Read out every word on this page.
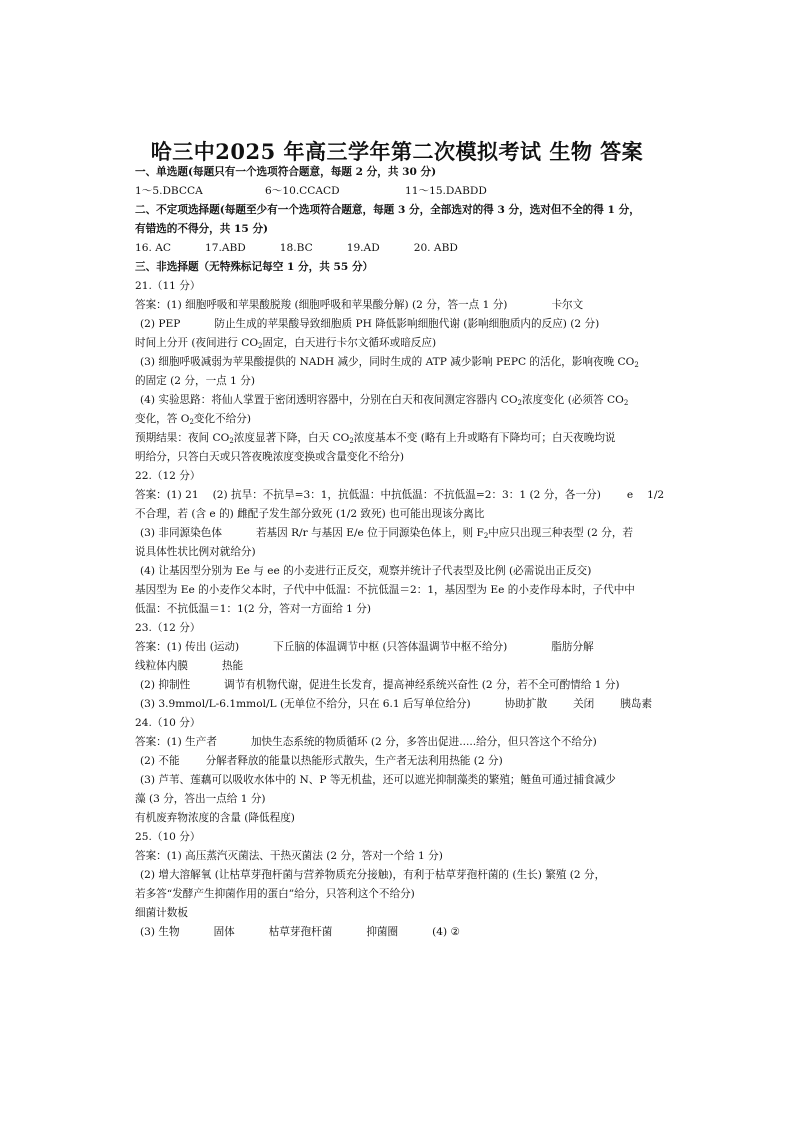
哈三中2025 年高三学年第二次模拟考试 生物 答案
一、单选题(每题只有一个选项符合题意，每题 2 分，共 30 分)
1～5.DBCCA	6～10.CCACD	11～15.DABDD
二、不定项选择题(每题至少有一个选项符合题意，每题 3 分，全部选对的得 3 分，选对但不全的得 1 分，
有错选的不得分，共 15 分)
16. AC	17.ABD	18.BC	19.AD	20. ABD
三、非选择题（无特殊标记每空 1 分，共 55 分）
21.（11 分）
答案：(1) 细胞呼吸和苹果酸脱羧 (细胞呼吸和苹果酸分解) (2 分，答一点 1 分)	卡尔文
(2) PEP	防止生成的苹果酸导致细胞质 PH 降低影响细胞代谢 (影响细胞质内的反应) (2 分)
时间上分开 (夜间进行 $CO_2$固定，白天进行卡尔文循环或暗反应)
(3) 细胞呼吸减弱为苹果酸提供的 NADH 减少，同时生成的 ATP 减少影响 PEPC 的活化，影响夜晚 $CO_2$
的固定 (2 分，一点 1 分)
(4) 实验思路：将仙人掌置于密闭透明容器中，分别在白天和夜间测定容器内 $CO_2$浓度变化 (必须答 $CO_2$
变化，答 $O_2$变化不给分)
预期结果：夜间 $CO_2$浓度显著下降，白天 $CO_2$浓度基本不变 (略有上升或略有下降均可；白天夜晚均说
明给分，只答白天或只答夜晚浓度变换或含量变化不给分)
22.（12 分）
答案：(1) 21 (2) 抗旱：不抗旱=3：1，抗低温：中抗低温：不抗低温=2：3：1 (2 分，各一分) e 1/2
不合理，若 (含 e 的) 雌配子发生部分致死 (1/2 致死) 也可能出现该分离比
(3) 非同源染色体	若基因 R/r 与基因 E/e 位于同源染色体上，则 $F_2$中应只出现三种表型 (2 分，若
说具体性状比例对就给分)
(4) 让基因型分别为 Ee 与 ee 的小麦进行正反交，观察并统计子代表型及比例 (必需说出正反交)
基因型为 Ee 的小麦作父本时，子代中中低温：不抗低温＝2：1，基因型为 Ee 的小麦作母本时，子代中中
低温：不抗低温＝1：1(2 分，答对一方面给 1 分)
23.（12 分）
答案：(1) 传出 (运动)	下丘脑的体温调节中枢 (只答体温调节中枢不给分)	脂肪分解
线粒体内膜	热能
(2) 抑制性	调节有机物代谢，促进生长发育，提高神经系统兴奋性 (2 分，若不全可酌情给 1 分)
(3) 3.9mmol/L-6.1mmol/L (无单位不给分，只在 6.1 后写单位给分)	协助扩散 关闭 胰岛素
24.（10 分）
答案：(1) 生产者	加快生态系统的物质循环 (2 分，多答出促进.....给分，但只答这个不给分)
(2) 不能 分解者释放的能量以热能形式散失，生产者无法利用热能 (2 分)
(3) 芦苇、莲藕可以吸收水体中的 N、P 等无机盐，还可以遮光抑制藻类的繁殖；鲢鱼可通过捕食减少
藻 (3 分，答出一点给 1 分)
有机废弃物浓度的含量 (降低程度)
25.（10 分）
答案：(1) 高压蒸汽灭菌法、干热灭菌法 (2 分，答对一个给 1 分)
(2) 增大溶解氧 (让枯草芽孢杆菌与营养物质充分接触)，有利于枯草芽孢杆菌的 (生长) 繁殖 (2 分，
若多答“发酵产生抑菌作用的蛋白”给分，只答利这个不给分)
细菌计数板
(3) 生物	固体	枯草芽孢杆菌	抑菌圈	(4) ②
